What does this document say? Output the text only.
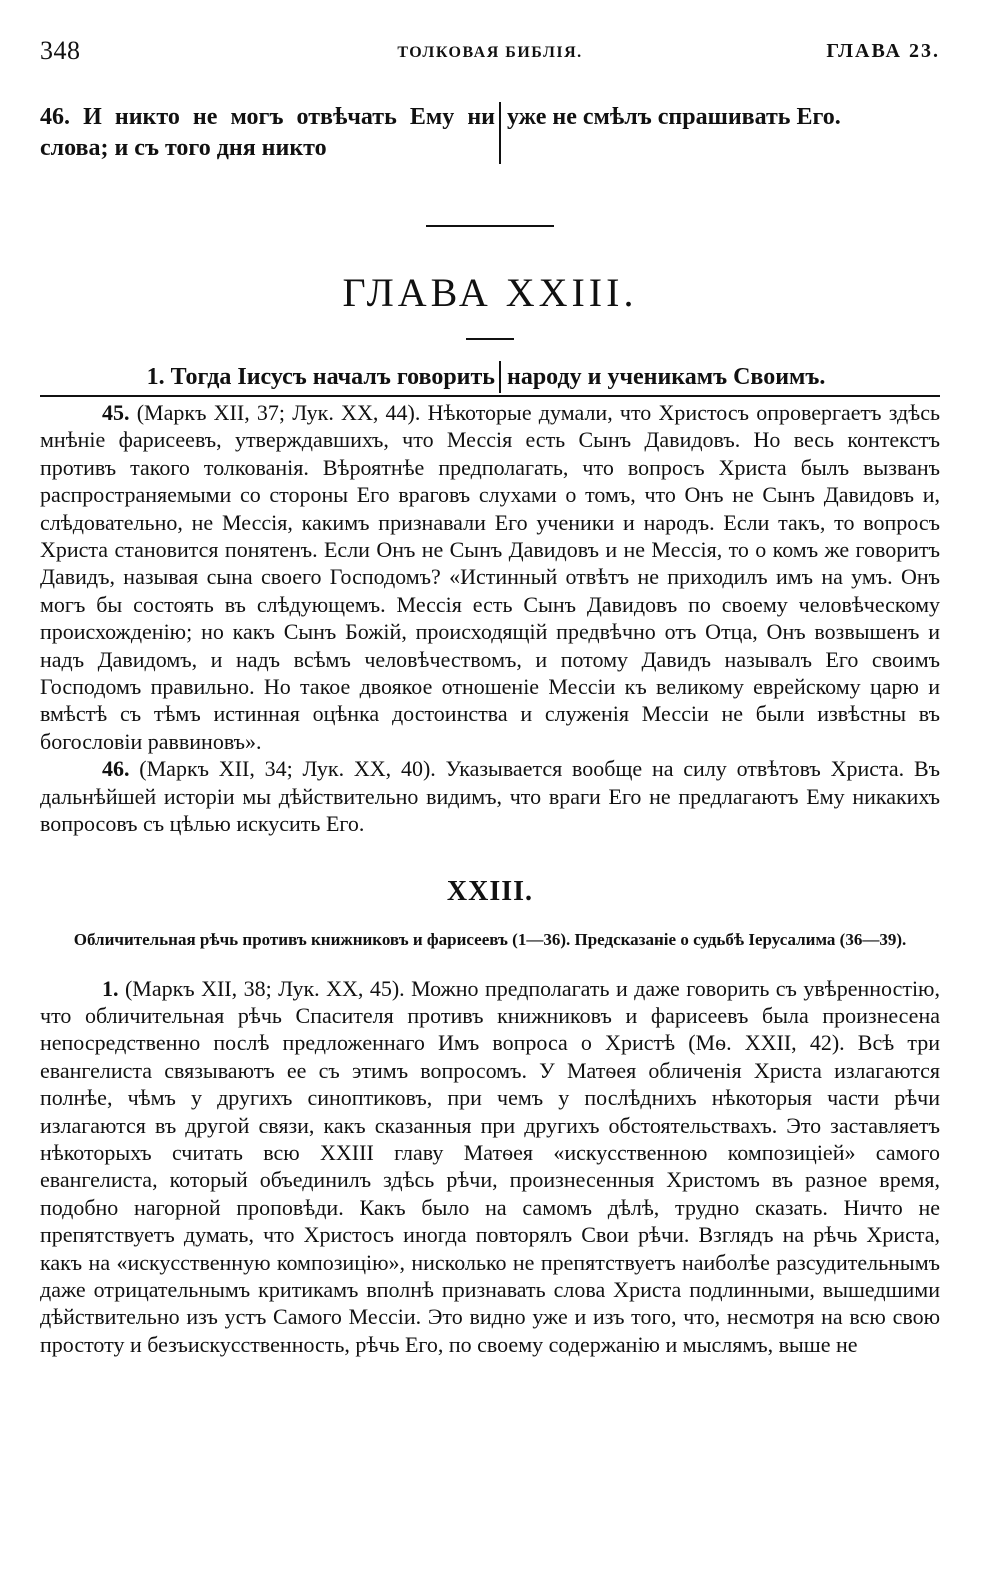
348	ТОЛКОВАЯ БИБЛІЯ.	ГЛАВА 23.
46. И никто не могъ отвѣчать Ему ни слова; и съ того дня никто
уже не смѣлъ спрашивать Его.
ГЛАВА XXIII.
1. Тогда Іисусъ началъ говорить народу и ученикамъ Своимъ.

45. (Маркъ XII, 37; Лук. XX, 44). Нѣкоторые думали, что Христосъ опровергаетъ здѣсь мнѣніе фарисеевъ, утверждавшихъ, что Мессія есть Сынъ Давидовъ. Но весь контекстъ противъ такого толкованія. Вѣроятнѣе предполагать, что вопросъ Христа былъ вызванъ распространяемыми со стороны Его враговъ слухами о томъ, что Онъ не Сынъ Давидовъ и, слѣдовательно, не Мессія, какимъ признавали Его ученики и народъ. Если такъ, то вопросъ Христа становится понятенъ. Если Онъ не Сынъ Давидовъ и не Мессія, то о комъ же говоритъ Давидъ, называя сына своего Господомъ? «Истинный отвѣтъ не приходилъ имъ на умъ. Онъ могъ бы состоять въ слѣдующемъ. Мессія есть Сынъ Давидовъ по своему человѣческому происхожденію; но какъ Сынъ Божій, происходящій предвѣчно отъ Отца, Онъ возвышенъ и надъ Давидомъ, и надъ всѣмъ человѣчествомъ, и потому Давидъ называлъ Его своимъ Господомъ правильно. Но такое двоякое отношеніе Мессіи къ великому еврейскому царю и вмѣстѣ съ тѣмъ истинная оцѣнка достоинства и служенія Мессіи не были извѣстны въ богословіи раввиновъ».

46. (Маркъ XII, 34; Лук. XX, 40). Указывается вообще на силу отвѣтовъ Христа. Въ дальнѣйшей исторіи мы дѣйствительно видимъ, что враги Его не предлагаютъ Ему никакихъ вопросовъ съ цѣлью искусить Его.

XXIII.
Обличительная рѣчь противъ книжниковъ и фарисеевъ (1—36). Предсказаніе о судьбѣ Іерусалима (36—39).

1. (Маркъ XII, 38; Лук. XX, 45). Можно предполагать и даже говорить съ увѣренностію, что обличительная рѣчь Спасителя противъ книжниковъ и фарисеевъ была произнесена непосредственно послѣ предложеннаго Имъ вопроса о Христѣ (Мѳ. XXII, 42). Всѣ три евангелиста связываютъ ее съ этимъ вопросомъ. У Матѳея обличенія Христа излагаются полнѣе, чѣмъ у другихъ синоптиковъ, при чемъ у послѣднихъ нѣкоторыя части рѣчи излагаются въ другой связи, какъ сказанныя при другихъ обстоятельствахъ. Это заставляетъ нѣкоторыхъ считать всю XXIII главу Матѳея «искусственною композиціей» самого евангелиста, который объединилъ здѣсь рѣчи, произнесенныя Христомъ въ разное время, подобно нагорной проповѣди. Какъ было на самомъ дѣлѣ, трудно сказать. Ничто не препятствуетъ думать, что Христосъ иногда повторялъ Свои рѣчи. Взглядъ на рѣчь Христа, какъ на «искусственную композицію», нисколько не препятствуетъ наиболѣе разсудительнымъ даже отрицательнымъ критикамъ вполнѣ признавать слова Христа подлинными, вышедшими дѣйствительно изъ устъ Самого Мессіи. Это видно уже и изъ того, что, несмотря на всю свою простоту и безъискусственность, рѣчь Его, по своему содержанію и мыслямъ, выше не
